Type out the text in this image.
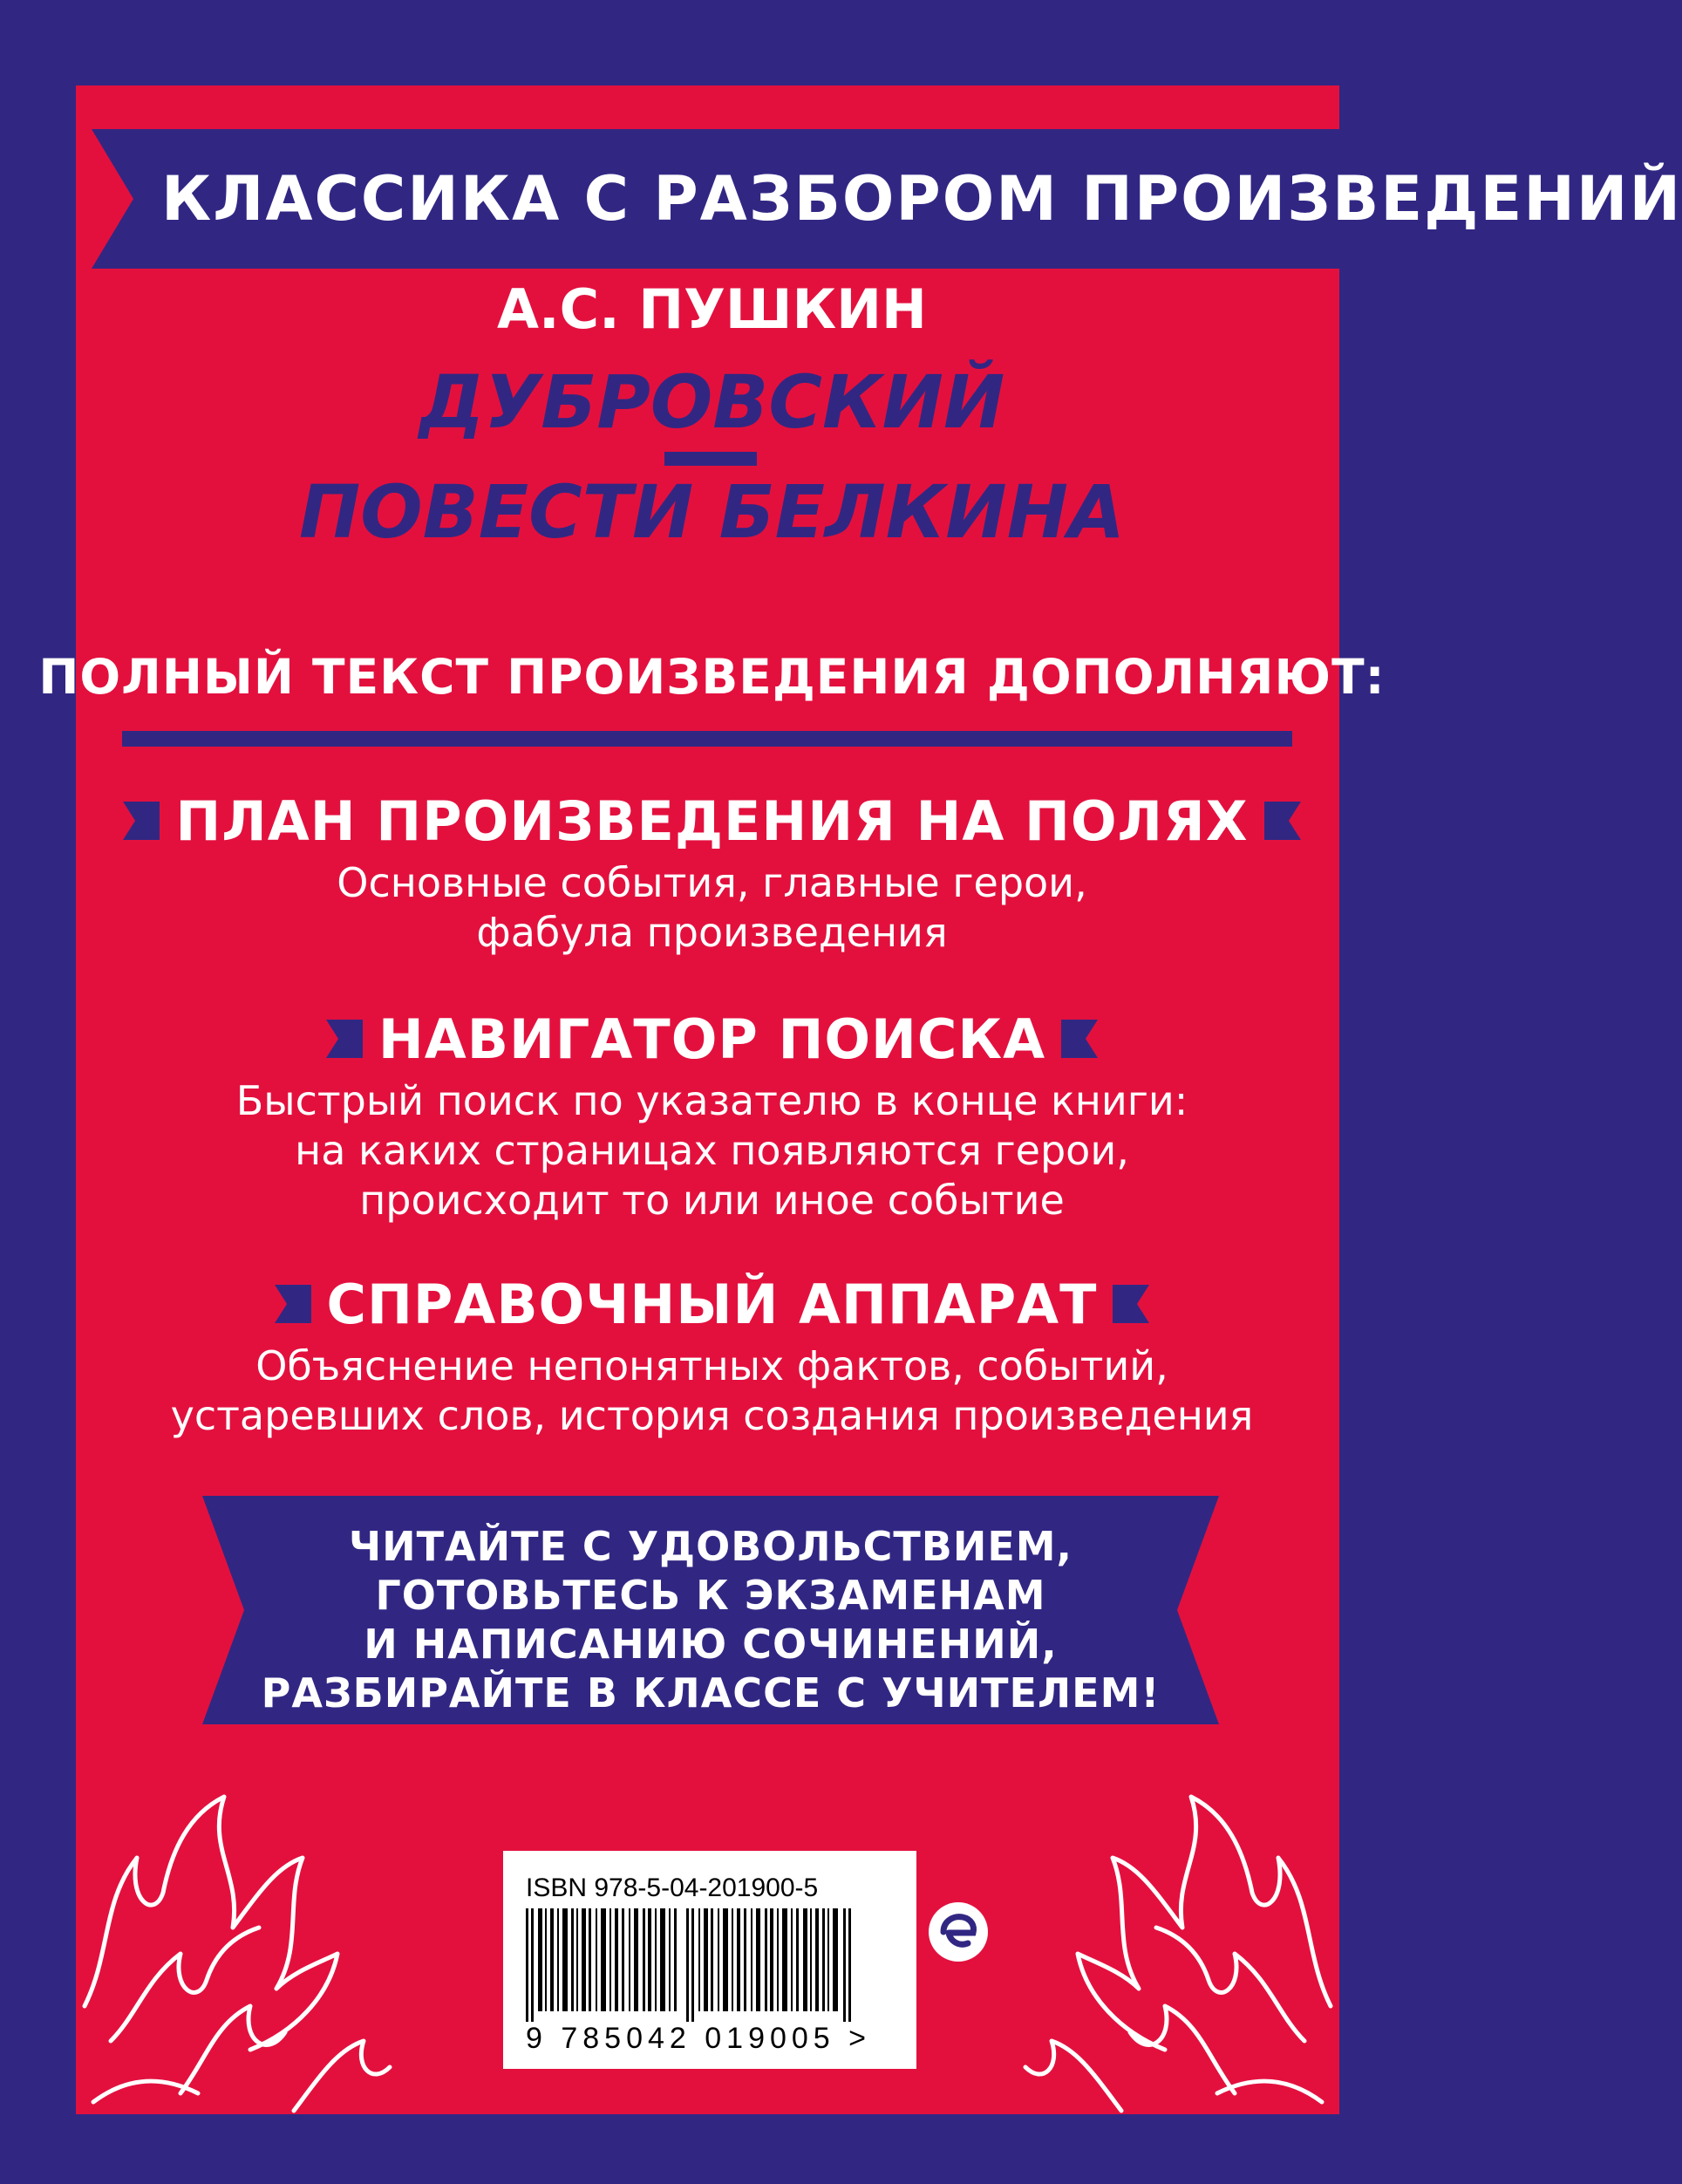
КЛАССИКА С РАЗБОРОМ ПРОИЗВЕДЕНИЙ
А.С. ПУШКИН
ДУБРОВСКИЙ
ПОВЕСТИ БЕЛКИНА
ПОЛНЫЙ ТЕКСТ ПРОИЗВЕДЕНИЯ ДОПОЛНЯЮТ:
ПЛАН ПРОИЗВЕДЕНИЯ НА ПОЛЯХ
Основные события, главные герои,
фабула произведения
НАВИГАТОР ПОИСКА
Быстрый поиск по указателю в конце книги:
на каких страницах появляются герои,
происходит то или иное событие
СПРАВОЧНЫЙ АППАРАТ
Объяснение непонятных фактов, событий,
устаревших слов, история создания произведения
ЧИТАЙТЕ С УДОВОЛЬСТВИЕМ,
ГОТОВЬТЕСЬ К ЭКЗАМЕНАМ
И НАПИСАНИЮ СОЧИНЕНИЙ,
РАЗБИРАЙТЕ В КЛАССЕ С УЧИТЕЛЕМ!
ISBN 978-5-04-201900-5
9 785042 019005 >
